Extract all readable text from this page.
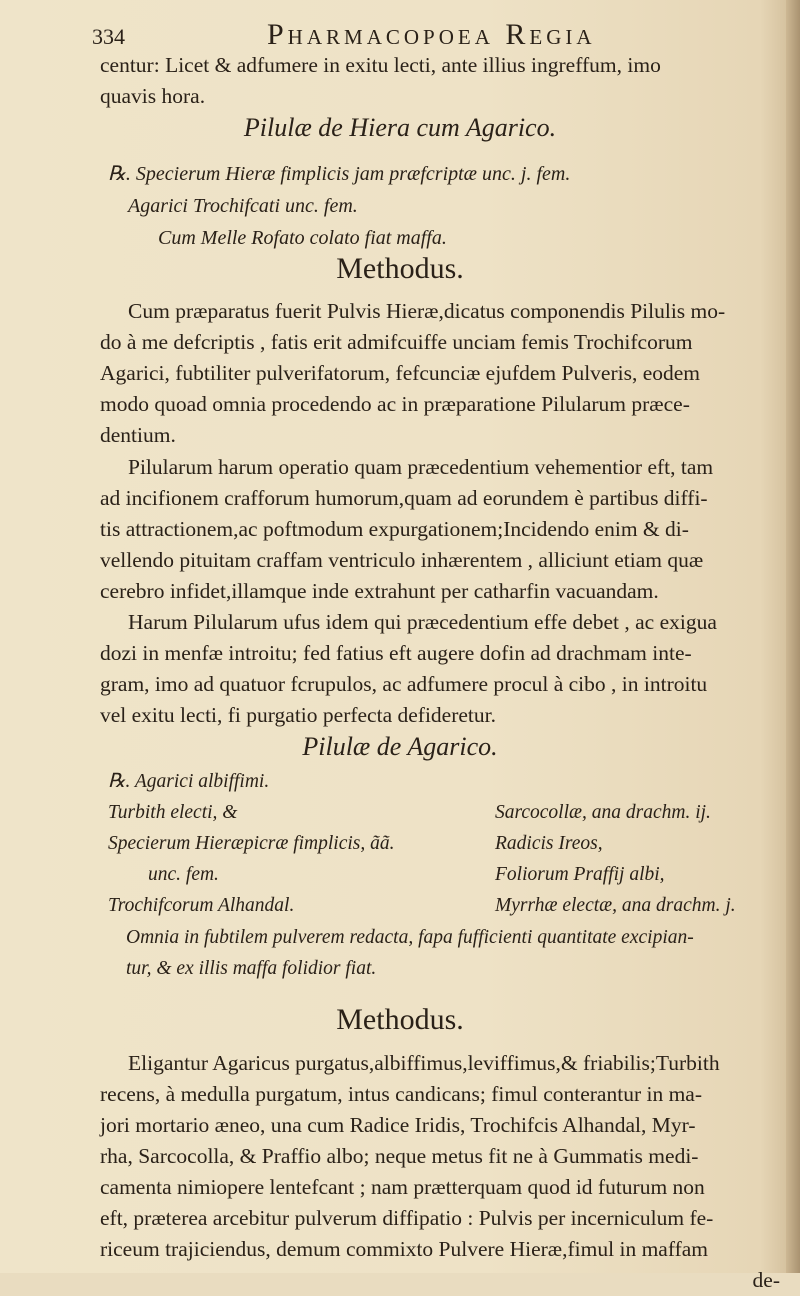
334	Pharmacopoea Regia
centur: Licet & adfumere in exitu lecti, ante illius ingreffum, imo
quavis hora.
Pilulæ de Hiera cum Agarico.
℞. Specierum Hieræ fimplicis jam præfcriptæ unc. j. fem.
Agarici Trochifcati unc. fem.
Cum Melle Rofato colato fiat maffa.
Methodus.
Cum præparatus fuerit Pulvis Hieræ,dicatus componendis Pilulis mo-
do à me defcriptis , fatis erit admifcuiffe unciam femis Trochifcorum
Agarici, fubtiliter pulverifatorum, fefcunciæ ejufdem Pulveris, eodem
modo quoad omnia procedendo ac in præparatione Pilularum præce-
dentium.
Pilularum harum operatio quam præcedentium vehementior eft, tam
ad incifionem crafforum humorum,quam ad eorundem è partibus diffi-
tis attractionem,ac poftmodum expurgationem;Incidendo enim & di-
vellendo pituitam craffam ventriculo inhærentem , alliciunt etiam quæ
cerebro infidet,illamque inde extrahunt per catharfin vacuandam.
Harum Pilularum ufus idem qui præcedentium effe debet , ac exigua
dozi in menfæ introitu; fed fatius eft augere dofin ad drachmam inte-
gram, imo ad quatuor fcrupulos, ac adfumere procul à cibo , in introitu
vel exitu lecti, fi purgatio perfecta defideretur.
Pilulæ de Agarico.
℞. Agarici albiffimi.
Turbith electi, &
Specierum Hieræpicræ fimplicis, ãã.
unc. fem.
Trochifcorum Alhandal.
Sarcocollæ, ana drachm. ij.
Radicis Ireos,
Foliorum Praffij albi,
Myrrhæ electæ, ana drachm. j.
Omnia in fubtilem pulverem redacta, fapa fufficienti quantitate excipian-
tur, & ex illis maffa folidior fiat.
Methodus.
Eligantur Agaricus purgatus,albiffimus,leviffimus,& friabilis;Turbith
recens, à medulla purgatum, intus candicans; fimul conterantur in ma-
jori mortario æneo, una cum Radice Iridis, Trochifcis Alhandal, Myr-
rha, Sarcocolla, & Praffio albo; neque metus fit ne à Gummatis medi-
camenta nimiopere lentefcant ; nam prætterquam quod id futurum non
eft, præterea arcebitur pulverum diffipatio : Pulvis per incerniculum fe-
riceum trajiciendus, demum commixto Pulvere Hieræ,fimul in maffam
de-
